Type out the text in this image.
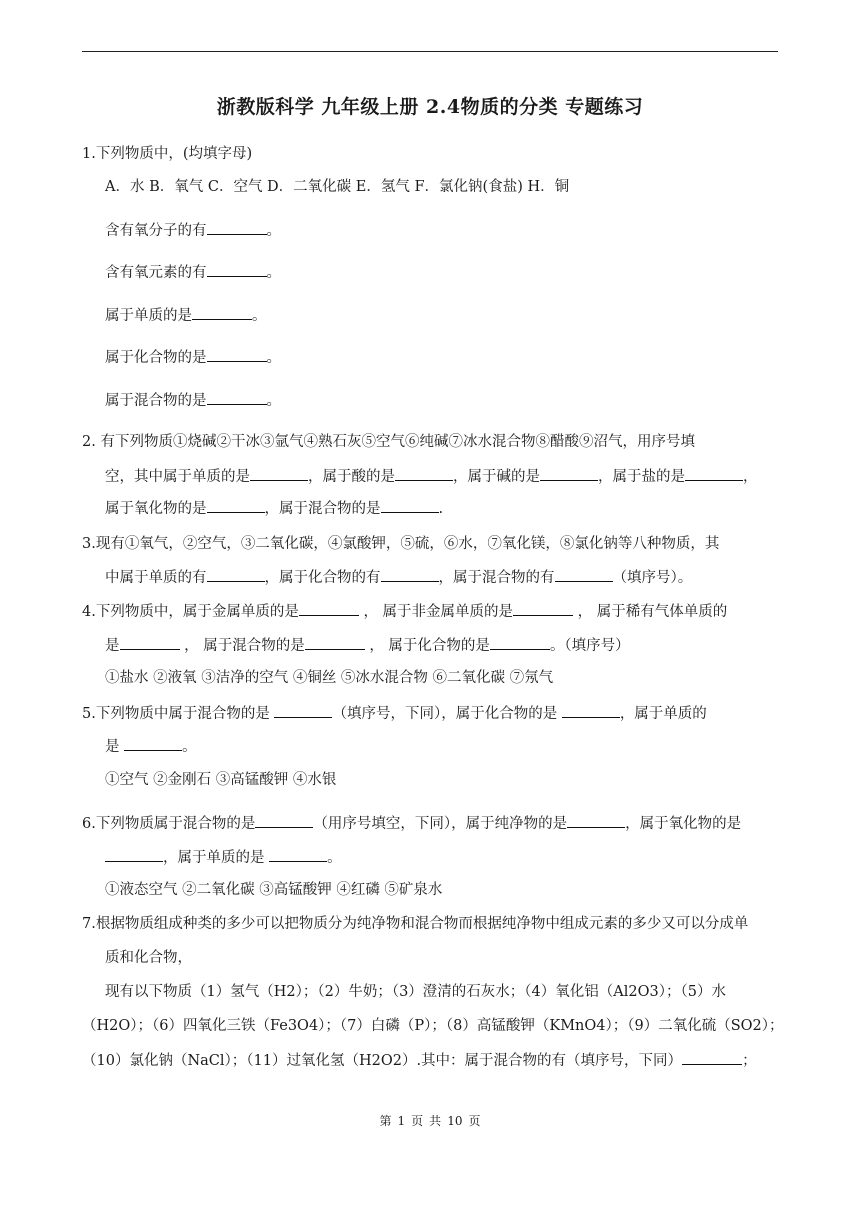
浙教版科学 九年级上册 2.4物质的分类 专题练习
1.下列物质中，(均填字母)
A．水 B．氧气 C．空气 D．二氧化碳 E．氢气 F．氯化钠(食盐) H．铜
含有氧分子的有	。
含有氧元素的有	。
属于单质的是	。
属于化合物的是	。
属于混合物的是	。
2. 有下列物质①烧碱②干冰③氩气④熟石灰⑤空气⑥纯碱⑦冰水混合物⑧醋酸⑨沼气，用序号填
空，其中属于单质的是	，属于酸的是	，属于碱的是	，属于盐的是	，
属于氧化物的是	，属于混合物的是	.
3.现有①氧气，②空气，③二氧化碳，④氯酸钾，⑤硫，⑥水，⑦氧化镁，⑧氯化钠等八种物质，其
中属于单质的有	，属于化合物的有	，属于混合物的有	（填序号）。
4.下列物质中，属于金属单质的是	， 属于非金属单质的是	， 属于稀有气体单质的
是	， 属于混合物的是	， 属于化合物的是	。（填序号）
①盐水 ②液氧 ③洁净的空气 ④铜丝 ⑤冰水混合物 ⑥二氧化碳 ⑦氖气
5.下列物质中属于混合物的是	（填序号，下同），属于化合物的是	，属于单质的
是	。
①空气 ②金刚石 ③高锰酸钾 ④水银
6.下列物质属于混合物的是	（用序号填空，下同），属于纯净物的是	，属于氧化物的是
，属于单质的是	。
①液态空气 ②二氧化碳 ③高锰酸钾 ④红磷 ⑤矿泉水
7.根据物质组成种类的多少可以把物质分为纯净物和混合物而根据纯净物中组成元素的多少又可以分成单
质和化合物，
现有以下物质（1）氢气（H2）；（2）牛奶；（3）澄清的石灰水；（4）氧化铝（Al2O3）；（5）水
（H2O）；（6）四氧化三铁（Fe3O4）；（7）白磷（P）；（8）高锰酸钾（KMnO4）；（9）二氧化硫（SO2）；
（10）氯化钠（NaCl）；（11）过氧化氢（H2O2）.其中：属于混合物的有（填序号，下同）	；
第 1 页 共 10 页
